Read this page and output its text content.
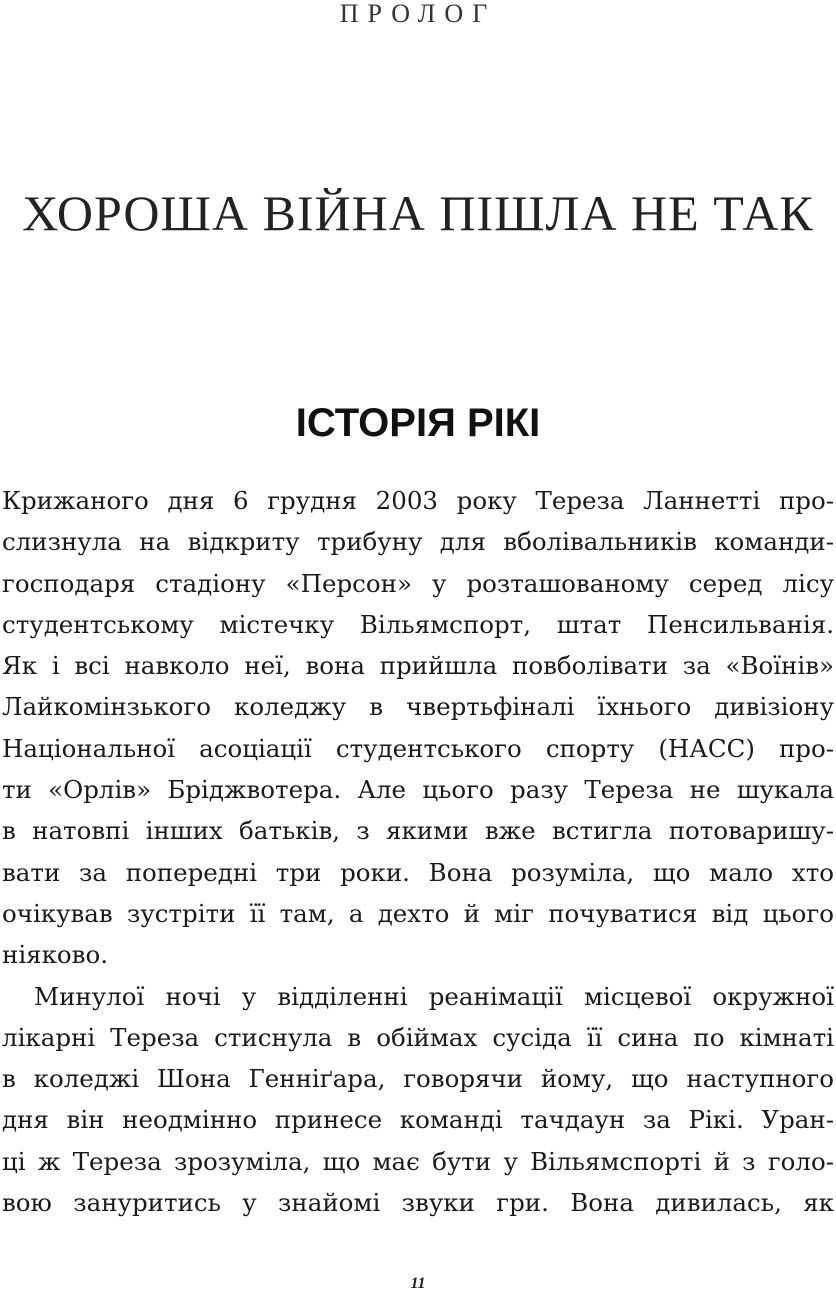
ПРОЛОГ
ХОРОША ВІЙНА ПІШЛА НЕ ТАК
ІСТОРІЯ РІКІ
Крижаного дня 6 грудня 2003 року Тереза Ланнетті про-
слизнула на відкриту трибуну для вболівальників команди-
господаря стадіону «Персон» у розташованому серед лісу
студентському містечку Вільямспорт, штат Пенсильванія.
Як і всі навколо неї, вона прийшла повболівати за «Воїнів»
Лайкомінзького коледжу в чвертьфіналі їхнього дивізіону
Національної асоціації студентського спорту (НАСС) про-
ти «Орлів» Бріджвотера. Але цього разу Тереза не шукала
в натовпі інших батьків, з якими вже встигла потоваришу-
вати за попередні три роки. Вона розуміла, що мало хто
очікував зустріти її там, а дехто й міг почуватися від цього
ніяково.
Минулої ночі у відділенні реанімації місцевої окружної
лікарні Тереза стиснула в обіймах сусіда її сина по кімнаті
в коледжі Шона Генніґара, говорячи йому, що наступного
дня він неодмінно принесе команді тачдаун за Рікі. Уран-
ці ж Тереза зрозуміла, що має бути у Вільямспорті й з голо-
вою зануритись у знайомі звуки гри. Вона дивилась, як
11
